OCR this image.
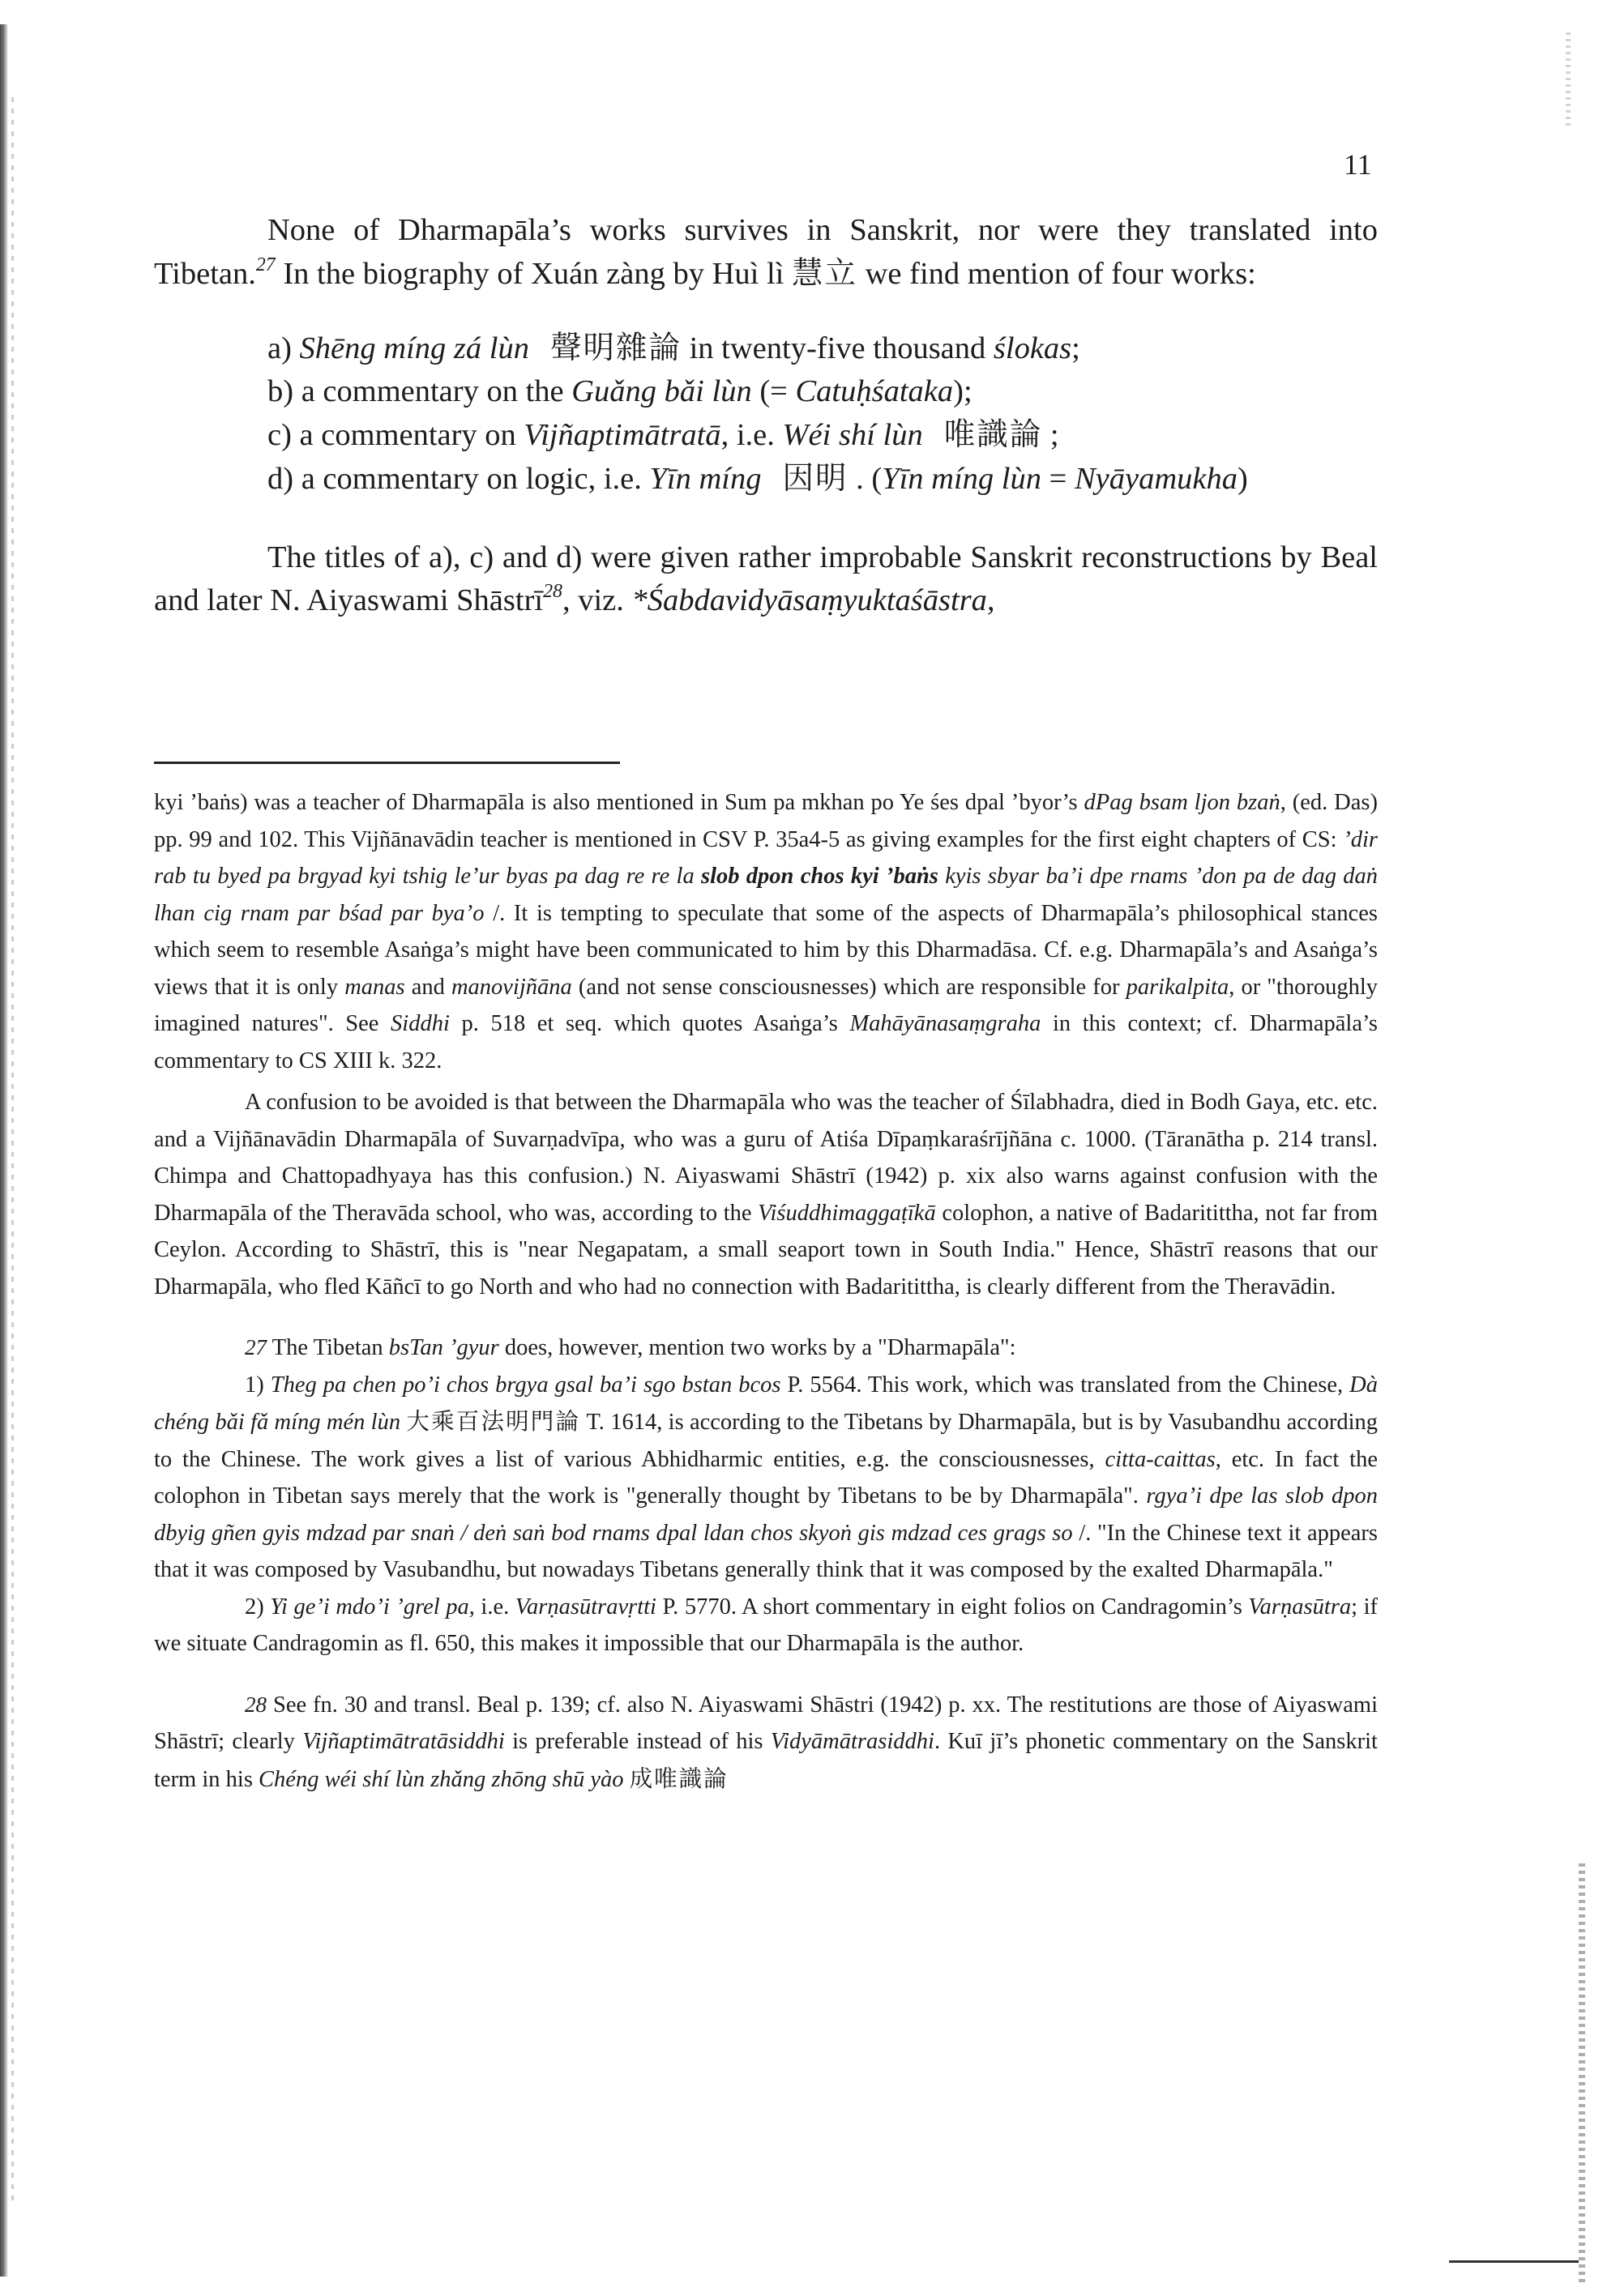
11

None of Dharmapāla’s works survives in Sanskrit, nor were they translated into Tibetan.$^{27}$ In the biography of Xuán zàng by Huì lì 慧立 we find mention of four works:

a) Shēng míng zá lùn 聲明雜論 in twenty-five thousand ślokas;

b) a commentary on the Guǎng bǎi lùn (= Catuḥśataka);

c) a commentary on Vijñaptimātratā, i.e. Wéi shí lùn 唯識論 ;

d) a commentary on logic, i.e. Yīn míng 因明 . (Yīn míng lùn = Nyāyamukha)

The titles of a), c) and d) were given rather improbable Sanskrit reconstructions by Beal and later N. Aiyaswami Shāstrī$^{28}$, viz. *Śabdavidyāsaṃyuktaśāstra,

kyi ’baṅs) was a teacher of Dharmapāla is also mentioned in Sum pa mkhan po Ye śes dpal ’byor’s dPag bsam ljon bzaṅ, (ed. Das) pp. 99 and 102. This Vijñānavādin teacher is mentioned in CSV P. 35a4-5 as giving examples for the first eight chapters of CS: ’dir rab tu byed pa brgyad kyi tshig le’ur byas pa dag re re la slob dpon chos kyi ’baṅs kyis sbyar ba’i dpe rnams ’don pa de dag daṅ lhan cig rnam par bśad par bya’o /. It is tempting to speculate that some of the aspects of Dharmapāla’s philosophical stances which seem to resemble Asaṅga’s might have been communicated to him by this Dharmadāsa. Cf. e.g. Dharmapāla’s and Asaṅga’s views that it is only manas and manovijñāna (and not sense consciousnesses) which are responsible for parikalpita, or "thoroughly imagined natures". See Siddhi p. 518 et seq. which quotes Asaṅga’s Mahāyānasaṃgraha in this context; cf. Dharmapāla’s commentary to CS XIII k. 322.

A confusion to be avoided is that between the Dharmapāla who was the teacher of Śīlabhadra, died in Bodh Gaya, etc. etc. and a Vijñānavādin Dharmapāla of Suvarṇadvīpa, who was a guru of Atiśa Dīpaṃkaraśrījñāna c. 1000. (Tāranātha p. 214 transl. Chimpa and Chattopadhyaya has this confusion.) N. Aiyaswami Shāstrī (1942) p. xix also warns against confusion with the Dharmapāla of the Theravāda school, who was, according to the Viśuddhimaggaṭīkā colophon, a native of Badaritittha, not far from Ceylon. According to Shāstrī, this is "near Negapatam, a small seaport town in South India." Hence, Shāstrī reasons that our Dharmapāla, who fled Kāñcī to go North and who had no connection with Badaritittha, is clearly different from the Theravādin.

27 The Tibetan bsTan ’gyur does, however, mention two works by a "Dharmapāla":

1) Theg pa chen po’i chos brgya gsal ba’i sgo bstan bcos P. 5564. This work, which was translated from the Chinese, Dà chéng bǎi fǎ míng mén lùn 大乘百法明門論 T. 1614, is according to the Tibetans by Dharmapāla, but is by Vasubandhu according to the Chinese. The work gives a list of various Abhidharmic entities, e.g. the consciousnesses, citta-caittas, etc. In fact the colophon in Tibetan says merely that the work is "generally thought by Tibetans to be by Dharmapāla". rgya’i dpe las slob dpon dbyig gñen gyis mdzad par snaṅ / deṅ saṅ bod rnams dpal ldan chos skyoṅ gis mdzad ces grags so /. "In the Chinese text it appears that it was composed by Vasubandhu, but nowadays Tibetans generally think that it was composed by the exalted Dharmapāla."

2) Yi ge’i mdo’i ’grel pa, i.e. Varṇasūtravṛtti P. 5770. A short commentary in eight folios on Candragomin’s Varṇasūtra; if we situate Candragomin as fl. 650, this makes it impossible that our Dharmapāla is the author.

28 See fn. 30 and transl. Beal p. 139; cf. also N. Aiyaswami Shāstri (1942) p. xx. The restitutions are those of Aiyaswami Shāstrī; clearly Vijñaptimātratāsiddhi is preferable instead of his Vidyāmātrasiddhi. Kuī jī’s phonetic commentary on the Sanskrit term in his Chéng wéi shí lùn zhǎng zhōng shū yào 成唯識論
